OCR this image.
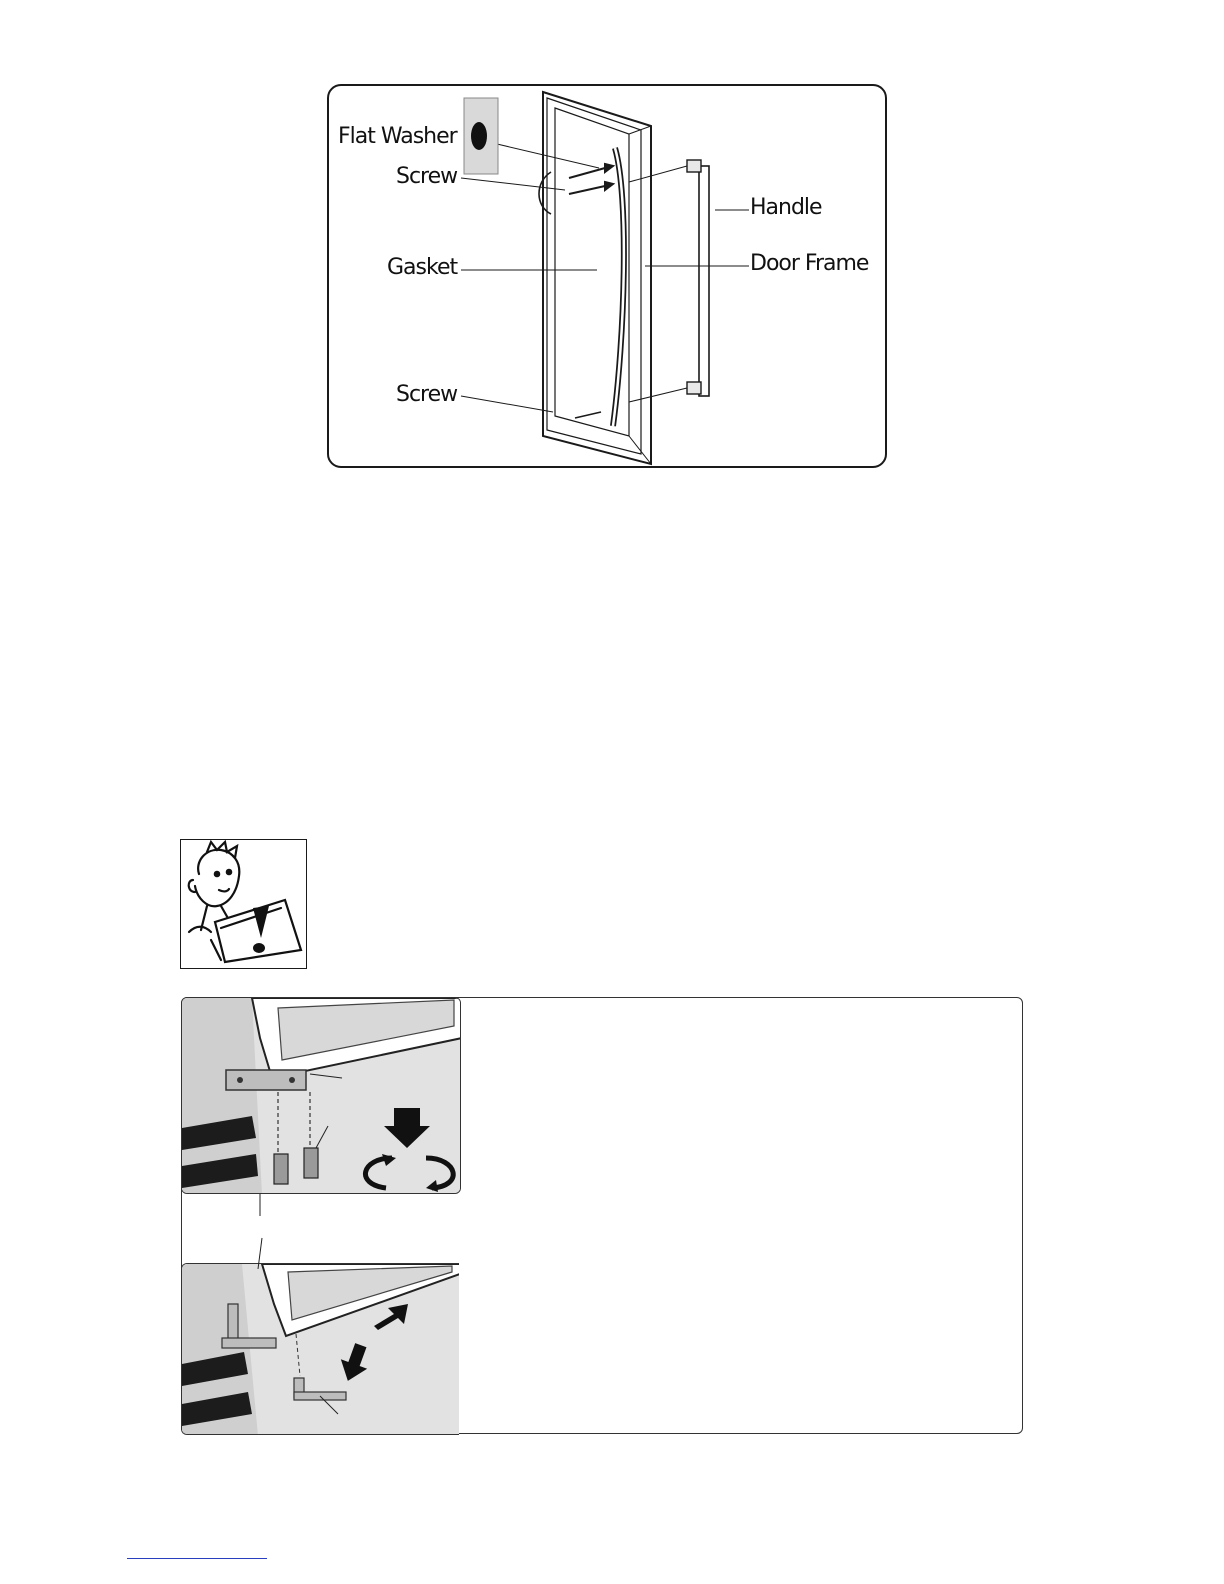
Flat Washer
Screw
Handle
Gasket	Door Frame
Screw
